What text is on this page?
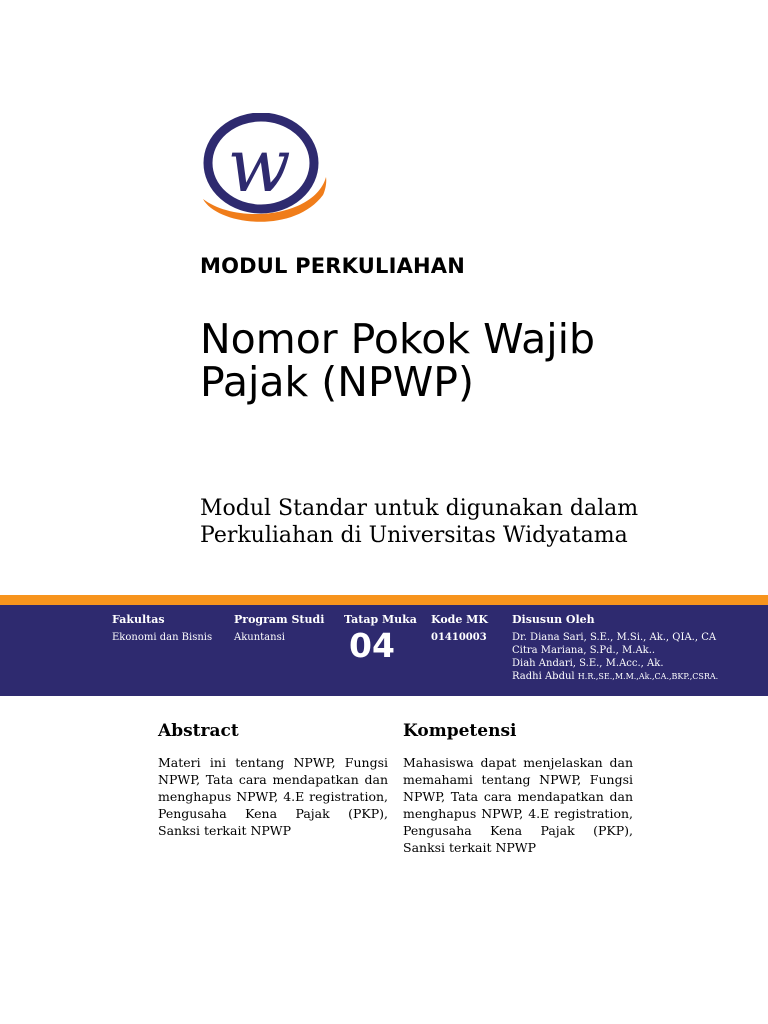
w
MODUL PERKULIAHAN
Nomor Pokok Wajib
Pajak (NPWP)
Modul Standar untuk digunakan dalam
Perkuliahan di Universitas Widyatama
Fakultas
Ekonomi dan Bisnis
Program Studi
Akuntansi
Tatap Muka
04
Kode MK
01410003
Disusun Oleh
Dr. Diana Sari, S.E., M.Si., Ak., QIA., CA
Citra Mariana, S.Pd., M.Ak..
Diah Andari, S.E., M.Acc., Ak.
Radhi Abdul H.R.,SE.,M.M.,Ak.,CA.,BKP.,CSRA.
Abstract
Materi ini tentang NPWP, Fungsi NPWP, Tata cara mendapatkan dan menghapus NPWP, 4.E registration, Pengusaha Kena Pajak (PKP), Sanksi terkait NPWP
Kompetensi
Mahasiswa dapat menjelaskan dan memahami tentang NPWP, Fungsi NPWP, Tata cara mendapatkan dan menghapus NPWP, 4.E registration, Pengusaha Kena Pajak (PKP), Sanksi terkait NPWP
